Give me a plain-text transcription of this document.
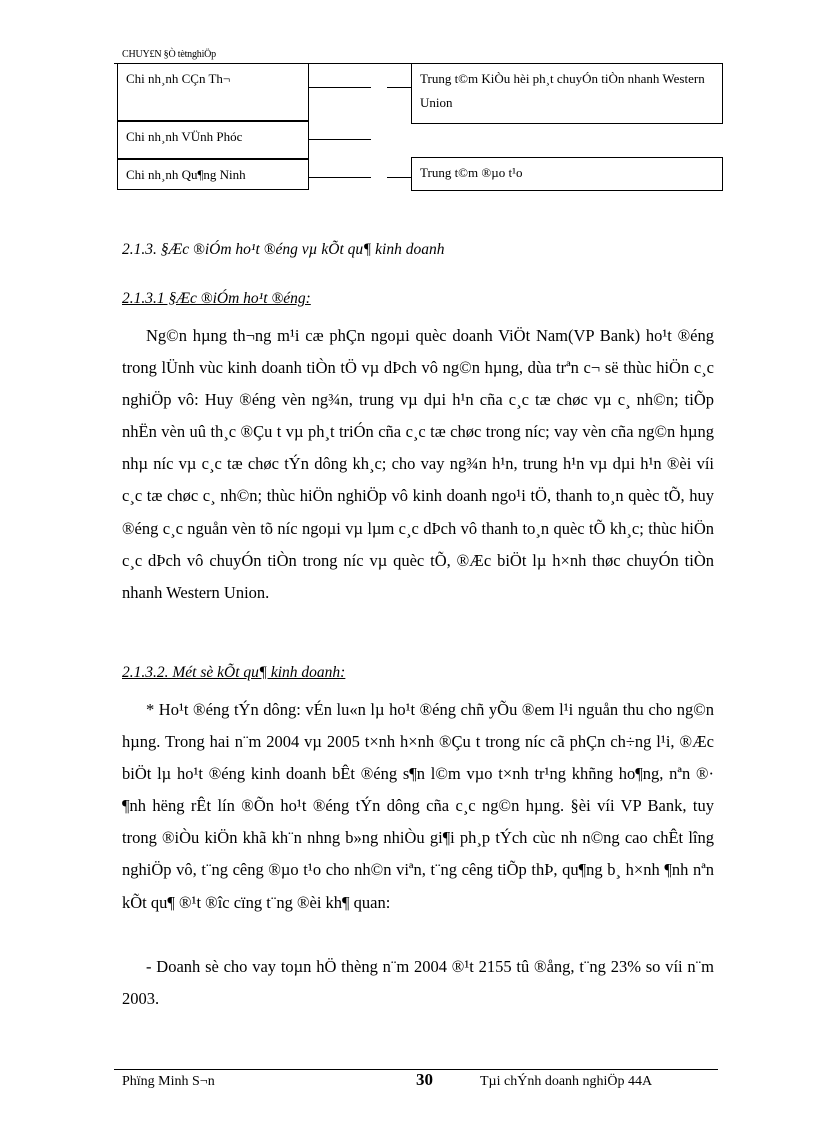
CHUY£N §Ò tètnghiÖp
Chi nh¸nh CÇn Th¬
Chi nh¸nh VÜnh Phóc
Chi nh¸nh Qu¶ng Ninh
Trung t©m KiÒu hèi ph¸t chuyÓn tiÒn nhanh Western Union
Trung t©m ®µo t¹o
2.1.3. §Æc ®iÓm ho¹t ®éng vµ kÕt qu¶ kinh doanh
2.1.3.1 §Æc ®iÓm ho¹t ®éng:
Ng©n hµng th¬ng m¹i cæ phÇn ngoµi quèc doanh ViÖt Nam(VP Bank) ho¹t ®éng trong lÜnh vùc kinh doanh tiÒn tÖ vµ dÞch vô ng©n hµng, dùa trªn c¬ së thùc hiÖn c¸c nghiÖp vô: Huy ®éng vèn ng¾n, trung vµ dµi h¹n cña c¸c tæ chøc vµ c¸ nh©n; tiÕp nhËn vèn uû th¸c ®Çu t vµ ph¸t triÓn cña c¸c tæ chøc trong níc; vay vèn cña ng©n hµng nhµ níc vµ c¸c tæ chøc tÝn dông kh¸c; cho vay ng¾n h¹n, trung h¹n vµ dµi h¹n ®èi víi c¸c tæ chøc c¸ nh©n; thùc hiÖn nghiÖp vô kinh doanh ngo¹i tÖ, thanh to¸n quèc tÕ, huy ®éng c¸c nguån vèn tõ níc ngoµi vµ lµm c¸c dÞch vô thanh to¸n quèc tÕ kh¸c; thùc hiÖn c¸c dÞch vô chuyÓn tiÒn trong níc vµ quèc tÕ, ®Æc biÖt lµ h×nh thøc chuyÓn tiÒn nhanh Western Union.
2.1.3.2. Mét sè kÕt qu¶ kinh doanh:
* Ho¹t ®éng tÝn dông: vÉn lu«n lµ ho¹t ®éng chñ yÕu ®em l¹i nguån thu cho ng©n hµng. Trong hai n¨m 2004 vµ 2005 t×nh h×nh ®Çu t trong níc cã phÇn ch÷ng l¹i, ®Æc biÖt lµ ho¹t ®éng kinh doanh bÊt ®éng s¶n l©m vµo t×nh tr¹ng khñng ho¶ng, nªn ®· ¶nh hëng rÊt lín ®Õn ho¹t ®éng tÝn dông cña c¸c ng©n hµng. §èi víi VP Bank, tuy trong ®iÒu kiÖn khã kh¨n nhng b»ng nhiÒu gi¶i ph¸p tÝch cùc nh n©ng cao chÊt lîng nghiÖp vô, t¨ng cêng ®µo t¹o cho nh©n viªn, t¨ng cêng tiÕp thÞ, qu¶ng b¸ h×nh ¶nh nªn kÕt qu¶ ®¹t ®îc cïng t¨ng ®èi kh¶ quan:
- Doanh sè cho vay toµn hÖ thèng n¨m 2004 ®¹t 2155 tû ®ång, t¨ng 23% so víi n¨m 2003.
Phïng Minh S¬n	30	Tµi chÝnh doanh nghiÖp 44A
